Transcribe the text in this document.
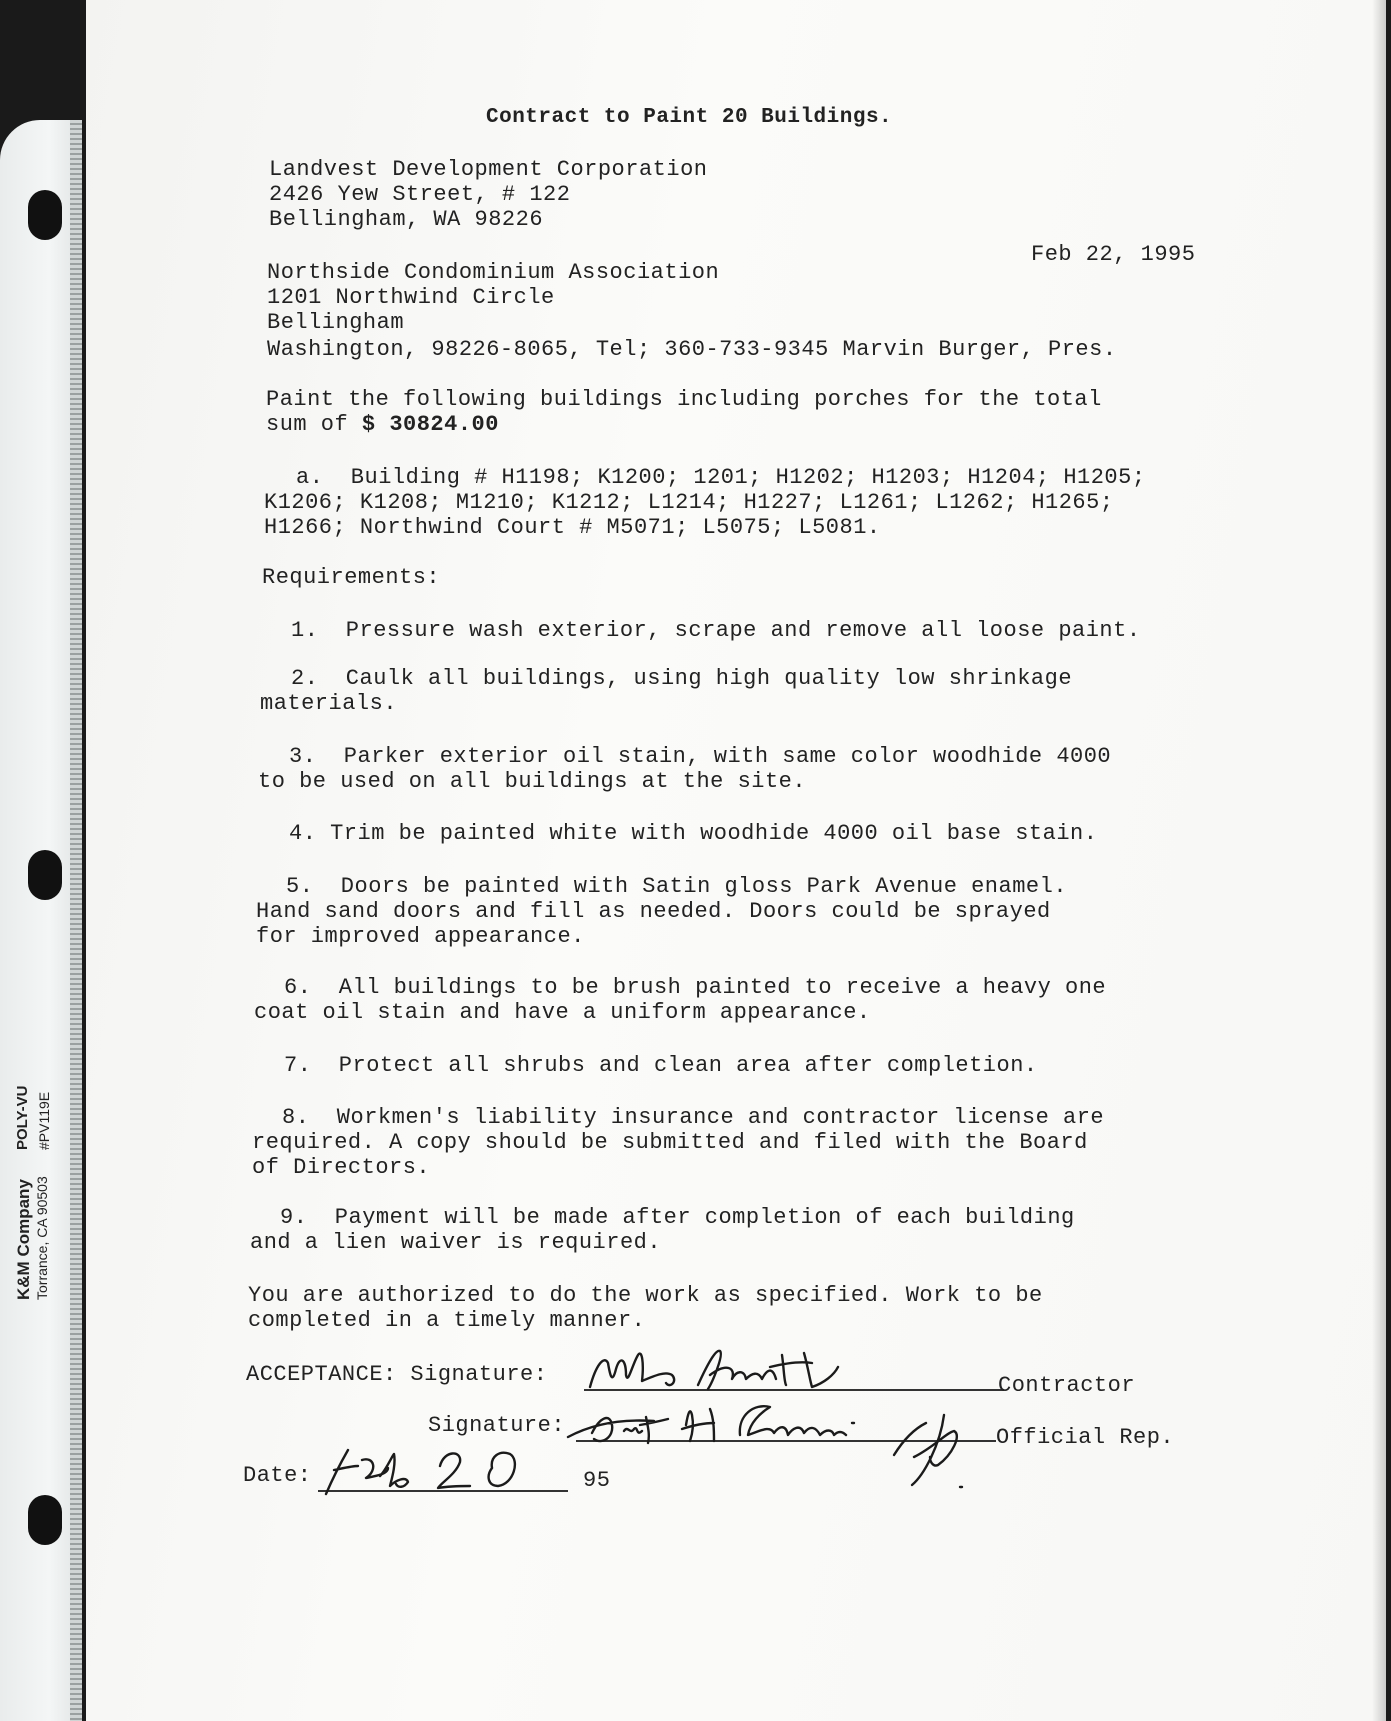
K&M Company Torrance, CA 90503
POLY-VU #PV119E
Contract to Paint 20 Buildings.
Landvest Development Corporation
2426 Yew Street, # 122
Bellingham, WA 98226
Feb 22, 1995
Northside Condominium Association
1201 Northwind Circle
Bellingham
Washington, 98226-8065, Tel; 360-733-9345 Marvin Burger, Pres.
Paint the following buildings including porches for the total
sum of $ 30824.00
a.  Building # H1198; K1200; 1201; H1202; H1203; H1204; H1205;
K1206; K1208; M1210; K1212; L1214; H1227; L1261; L1262; H1265;
H1266; Northwind Court # M5071; L5075; L5081.
Requirements:
1.  Pressure wash exterior, scrape and remove all loose paint.
2.  Caulk all buildings, using high quality low shrinkage
materials.
3.  Parker exterior oil stain, with same color woodhide 4000
to be used on all buildings at the site.
4. Trim be painted white with woodhide 4000 oil base stain.
5.  Doors be painted with Satin gloss Park Avenue enamel.
Hand sand doors and fill as needed. Doors could be sprayed
for improved appearance.
6.  All buildings to be brush painted to receive a heavy one
coat oil stain and have a uniform appearance.
7.  Protect all shrubs and clean area after completion.
8.  Workmen's liability insurance and contractor license are
required. A copy should be submitted and filed with the Board
of Directors.
9.  Payment will be made after completion of each building
and a lien waiver is required.
You are authorized to do the work as specified. Work to be
completed in a timely manner.
ACCEPTANCE: Signature:	Contractor
Signature:	Official Rep.
Date:	95
